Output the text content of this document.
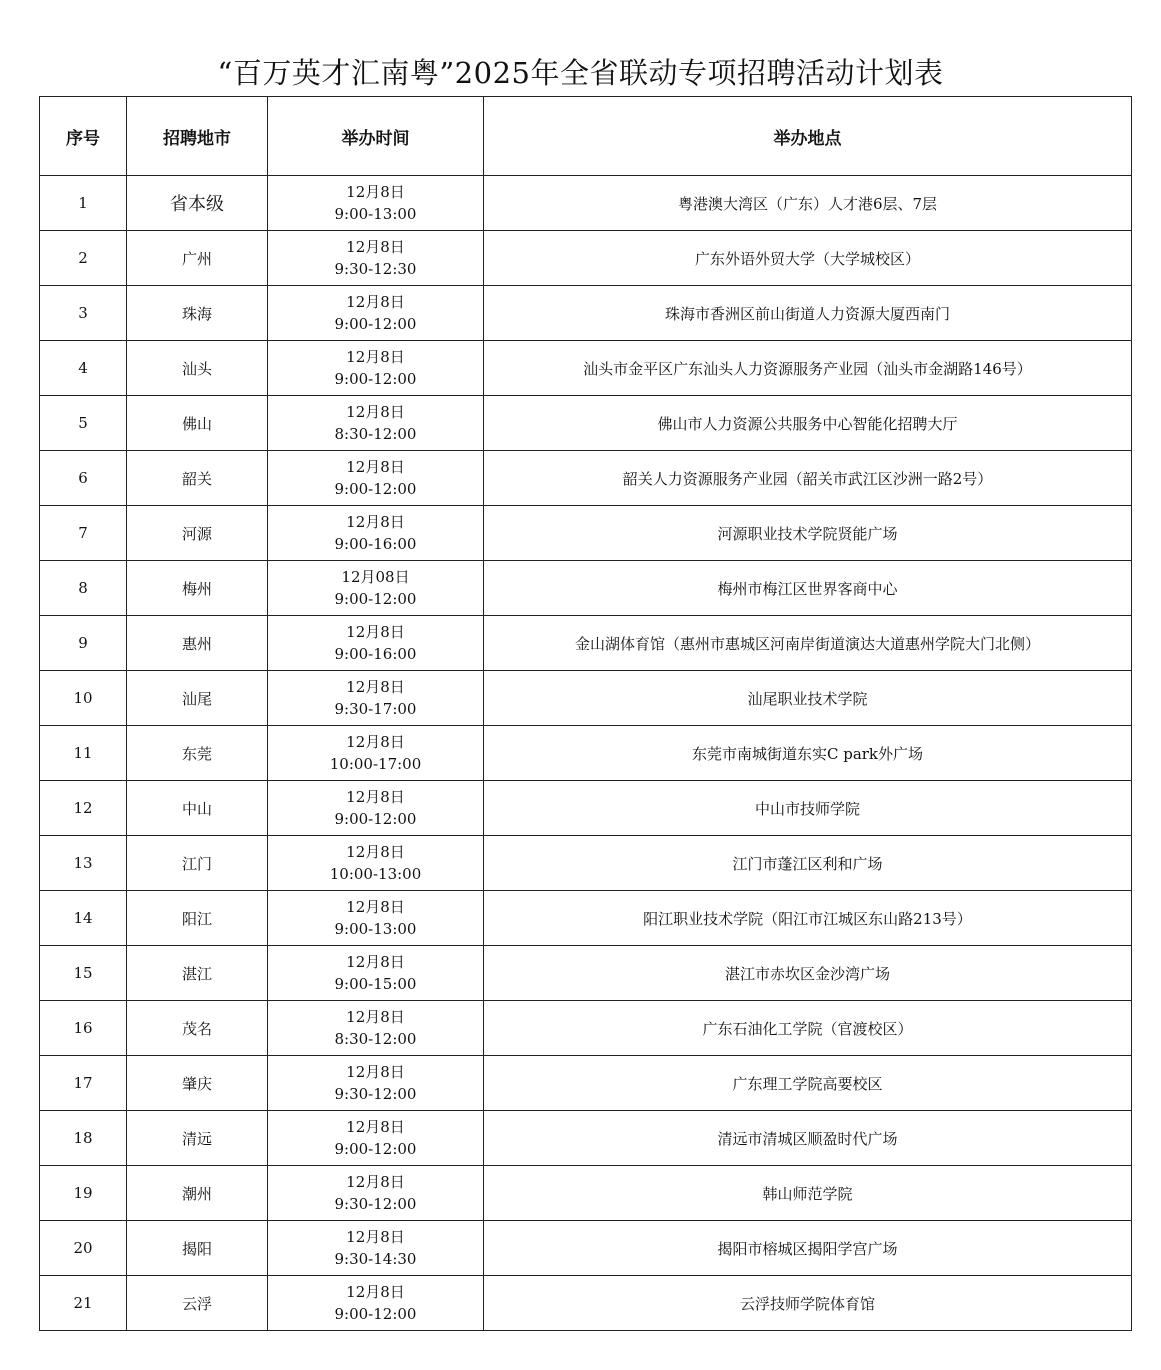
“百万英才汇南粤”2025年全省联动专项招聘活动计划表
序号	招聘地市	举办时间	举办地点
1	省本级	12月8日
9:00-13:00	粤港澳大湾区（广东）人才港6层、7层
2	广州	12月8日
9:30-12:30	广东外语外贸大学（大学城校区）
3	珠海	12月8日
9:00-12:00	珠海市香洲区前山街道人力资源大厦西南门
4	汕头	12月8日
9:00-12:00	汕头市金平区广东汕头人力资源服务产业园（汕头市金湖路146号）
5	佛山	12月8日
8:30-12:00	佛山市人力资源公共服务中心智能化招聘大厅
6	韶关	12月8日
9:00-12:00	韶关人力资源服务产业园（韶关市武江区沙洲一路2号）
7	河源	12月8日
9:00-16:00	河源职业技术学院贤能广场
8	梅州	12月08日
9:00-12:00	梅州市梅江区世界客商中心
9	惠州	12月8日
9:00-16:00	金山湖体育馆（惠州市惠城区河南岸街道演达大道惠州学院大门北侧）
10	汕尾	12月8日
9:30-17:00	汕尾职业技术学院
11	东莞	12月8日
10:00-17:00	东莞市南城街道东实C park外广场
12	中山	12月8日
9:00-12:00	中山市技师学院
13	江门	12月8日
10:00-13:00	江门市蓬江区利和广场
14	阳江	12月8日
9:00-13:00	阳江职业技术学院（阳江市江城区东山路213号）
15	湛江	12月8日
9:00-15:00	湛江市赤坎区金沙湾广场
16	茂名	12月8日
8:30-12:00	广东石油化工学院（官渡校区）
17	肇庆	12月8日
9:30-12:00	广东理工学院高要校区
18	清远	12月8日
9:00-12:00	清远市清城区顺盈时代广场
19	潮州	12月8日
9:30-12:00	韩山师范学院
20	揭阳	12月8日
9:30-14:30	揭阳市榕城区揭阳学宫广场
21	云浮	12月8日
9:00-12:00	云浮技师学院体育馆
